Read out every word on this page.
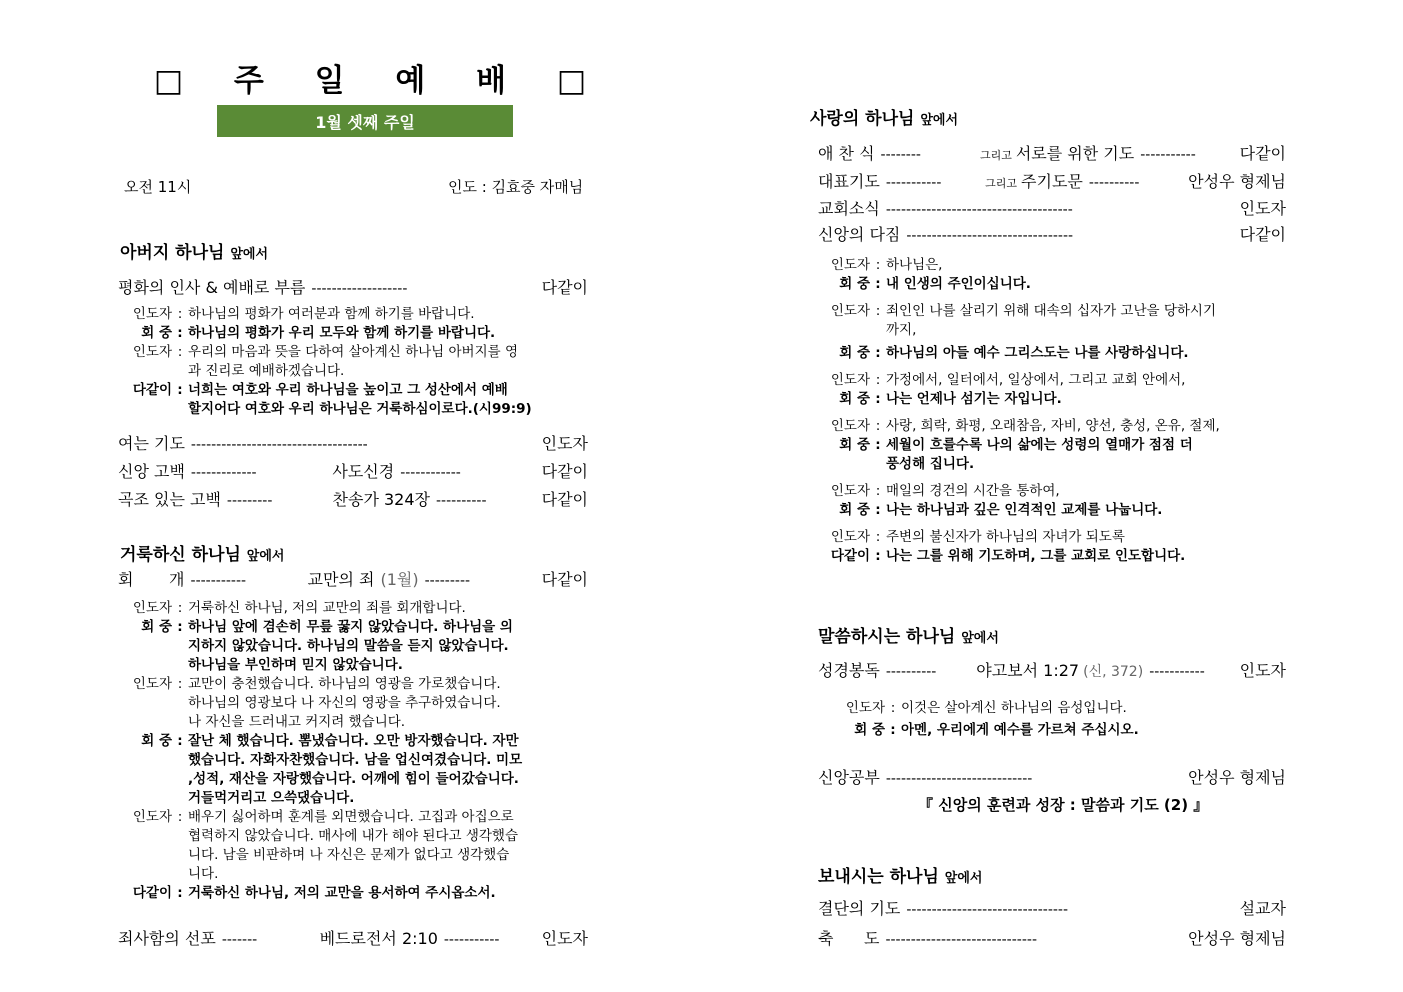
□ 주 일 예 배 □
1월 셋째 주일
오전 11시	인도 : 김효중 자매님
아버지 하나님 앞에서
평화의 인사 & 예배로 부름 -------------------	다같이
인도자 : 하나님의 평화가 여러분과 함께 하기를 바랍니다.
회 중 : 하나님의 평화가 우리 모두와 함께 하기를 바랍니다.
인도자 : 우리의 마음과 뜻을 다하여 살아계신 하나님 아버지를 영
과 진리로 예배하겠습니다.
다같이 : 너희는 여호와 우리 하나님을 높이고 그 성산에서 예배
할지어다 여호와 우리 하나님은 거룩하심이로다.(시99:9)
여는 기도 -----------------------------------	인도자
신앙 고백 -------------	사도신경 ------------	다같이
곡조 있는 고백 ---------	찬송가 324장 ----------	다같이
거룩하신 하나님 앞에서
회       개 -----------	교만의 죄 (1월) ---------	다같이
인도자 : 거룩하신 하나님, 저의 교만의 죄를 회개합니다.
회 중 : 하나님 앞에 겸손히 무릎 꿇지 않았습니다. 하나님을 의
지하지 않았습니다. 하나님의 말씀을 듣지 않았습니다.
하나님을 부인하며 믿지 않았습니다.
인도자 : 교만이 충천했습니다. 하나님의 영광을 가로챘습니다.
하나님의 영광보다 나 자신의 영광을 추구하였습니다.
나 자신을 드러내고 커지려 했습니다.
회 중 : 잘난 체 했습니다. 뽐냈습니다. 오만 방자했습니다. 자만
했습니다. 자화자찬했습니다. 남을 업신여겼습니다. 미모
,성적, 재산을 자랑했습니다. 어깨에 힘이 들어갔습니다.
거들먹거리고 으쓱댔습니다.
인도자 : 배우기 싫어하며 훈계를 외면했습니다. 고집과 아집으로
협력하지 않았습니다. 매사에 내가 해야 된다고 생각했습
니다. 남을 비판하며 나 자신은 문제가 없다고 생각했습
니다.
다같이 : 거룩하신 하나님, 저의 교만을 용서하여 주시옵소서.
죄사함의 선포 -------	베드로전서 2:10 -----------	인도자
사랑의 하나님 앞에서
애 찬 식 --------	그리고 서로를 위한 기도 -----------	다같이
대표기도 -----------	그리고 주기도문 ----------	안성우 형제님
교회소식 -------------------------------------	인도자
신앙의 다짐 ---------------------------------	다같이
인도자 : 하나님은,
회 중 : 내 인생의 주인이십니다.
인도자 : 죄인인 나를 살리기 위해 대속의 십자가 고난을 당하시기
까지,
회 중 : 하나님의 아들 예수 그리스도는 나를 사랑하십니다.
인도자 : 가정에서, 일터에서, 일상에서, 그리고 교회 안에서,
회 중 : 나는 언제나 섬기는 자입니다.
인도자 : 사랑, 희락, 화평, 오래참음, 자비, 양선, 충성, 온유, 절제,
회 중 : 세월이 흐를수록 나의 삶에는 성령의 열매가 점점 더
풍성해 집니다.
인도자 : 매일의 경건의 시간을 통하여,
회 중 : 나는 하나님과 깊은 인격적인 교제를 나눕니다.
인도자 : 주변의 불신자가 하나님의 자녀가 되도록
다같이 : 나는 그를 위해 기도하며, 그를 교회로 인도합니다.
말씀하시는 하나님 앞에서
성경봉독 ----------	야고보서 1:27 (신, 372) -----------	인도자
인도자 : 이것은 살아계신 하나님의 음성입니다.
회 중 : 아멘, 우리에게 예수를 가르쳐 주십시오.
신앙공부 -----------------------------	안성우 형제님
『 신앙의 훈련과 성장 : 말씀과 기도 (2) 』
보내시는 하나님 앞에서
결단의 기도 --------------------------------	설교자
축      도 ------------------------------	안성우 형제님
